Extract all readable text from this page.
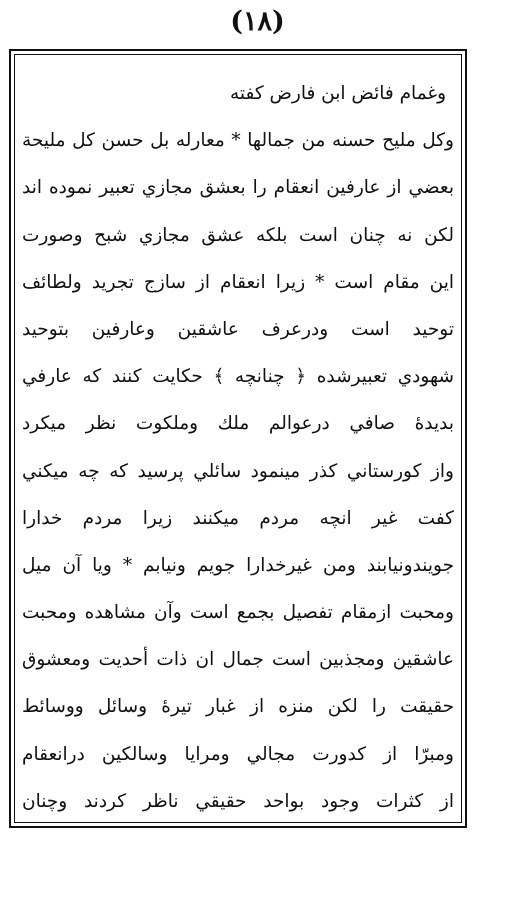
(١٨)
وغمام فائض ابن فارض كفته
وكل مليح حسنه من جمالها * معارله بل حسن كل مليحة
بعضي از عارفين انعقام را بعشق مجازي تعبير نموده اند
لكن نه چنان است بلكه عشق مجازي شبح وصورت
اين مقام است * زيرا انعقام از سازج تجريد ولطائف
توحيد است ودرعرف عاشقين وعارفين بتوحيد
شهودي تعبيرشده ﴿ چنانچه ﴾ حكايت كنند كه عارفي
بديدهٔ صافي درعوالم ملك وملكوت نظر ميكرد
واز كورستاني كذر مينمود سائلي پرسيد كه چه ميكني
كفت غير انچه مردم ميكنند زيرا مردم خدارا
جويندونيابند ومن غيرخدارا جويم ونيابم * ويا آن ميل
ومحبت ازمقام تفصيل بجمع است وآن مشاهده ومحبت
عاشقين ومجذبين است جمال ان ذات أحديت ومعشوق
حقيقت را لكن منزه از غبار تيرهٔ وسائل ووسائط
ومبرّا از كدورت مجالي ومرايا وسالكين درانعقام
از كثرات وجود بواحد حقيقي ناظر كردند وچنان
